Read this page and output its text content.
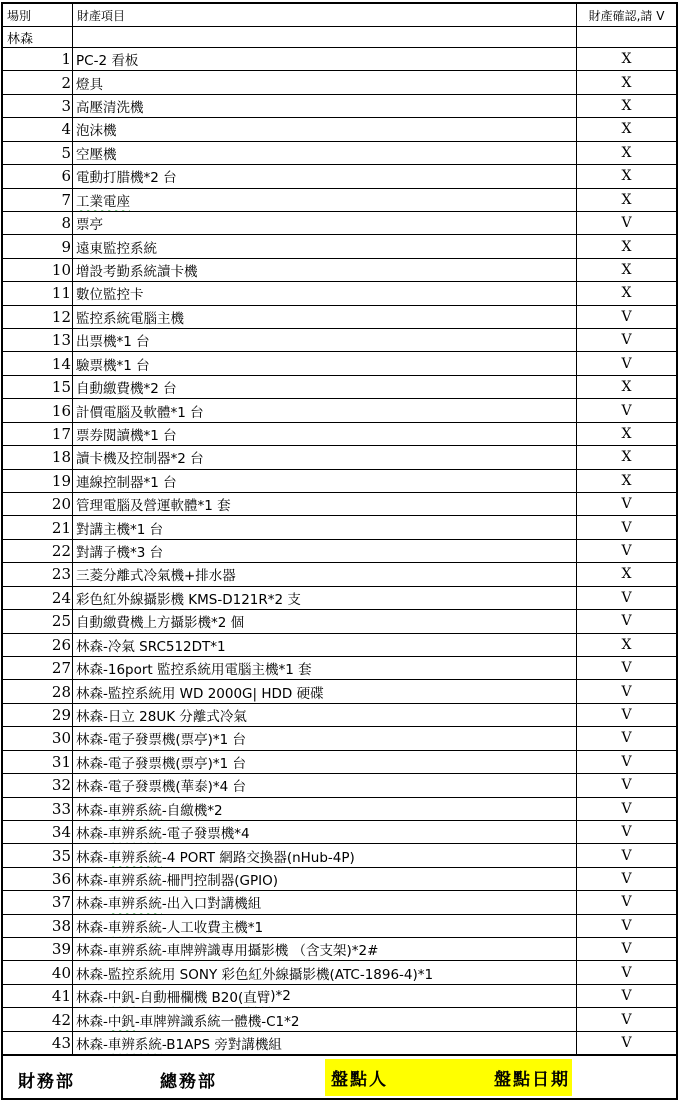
場別	財產項目	財產確認,請 V
林森
1 PC-2 看板	X
2 燈具	X
3 高壓清洗機	X
4 泡沫機	X
5 空壓機	X
6 電動打腊機*2 台	X
7 工業電座	X
8 票亭	V
9 遠東監控系統	X
10 增設考勤系統讀卡機	X
11 數位監控卡	X
12 監控系統電腦主機	V
13 出票機*1 台	V
14 驗票機*1 台	V
15 自動繳費機*2 台	X
16 計價電腦及軟體*1 台	V
17 票券閱讀機*1 台	X
18 讀卡機及控制器*2 台	X
19 連線控制器*1 台	X
20 管理電腦及營運軟體*1 套	V
21 對講主機*1 台	V
22 對講子機*3 台	V
23 三菱分離式冷氣機+排水器	X
24 彩色紅外線攝影機 KMS-D121R*2 支	V
25 自動繳費機上方攝影機*2 個	V
26 林森-冷氣 SRC512DT*1	X
27 林森-16port 監控系統用電腦主機*1 套	V
28 林森-監控系統用 WD 2000G| HDD 硬碟	V
29 林森-日立 28UK 分離式冷氣	V
30 林森-電子發票機(票亭)*1 台	V
31 林森-電子發票機(票亭)*1 台	V
32 林森-電子發票機(華泰)*4 台	V
33 林森- 車辨系統 -自繳機*2	V
34 林森- 車辨系統 -電子發票機*4	V
35 林森- 車辨系統 -4 PORT 網路交換器(nHub-4P)	V
36 林森- 車辨系統 -柵門控制器(GPIO)	V
37 林森- 車辨系統 -出入口對講機組	V
38 林森- 車辨系統 -人工收費主機*1	V
39 林森- 車辨系統 -車牌辨識專用攝影機 （含支架)*2#	V
40 林森-監控系統用 SONY 彩色紅外線攝影機(ATC-1896-4)*1	V
41 林森- 中釩 -自動柵欄機 B20( 直臂 )*2	V
42 林森- 中釩 -車牌辨識系統一體機-C1*2	V
43 林森- 車辨系統 -B1APS 旁對講機組	V
財務部	總務部	盤點人	盤點日期
